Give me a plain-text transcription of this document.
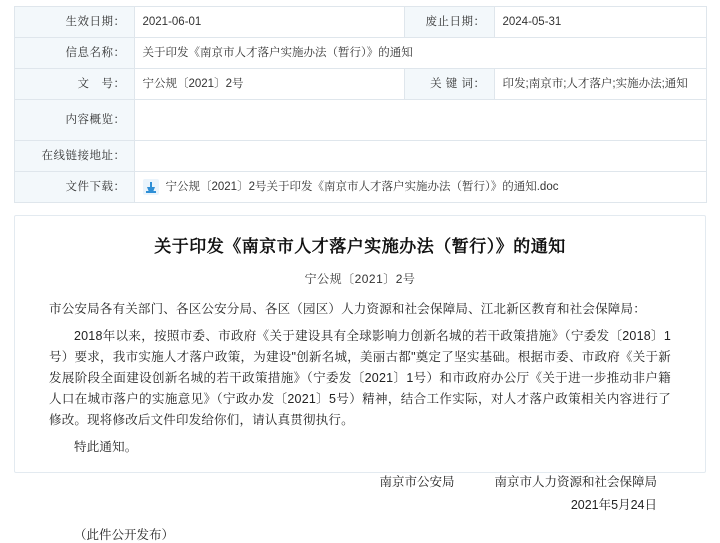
生效日期：	2021-06-01	废止日期：	2024-05-31
信息名称：	关于印发《南京市人才落户实施办法（暂行）》的通知		
文　号：	宁公规〔2021〕2号	关 键 词：	印发;南京市;人才落户;实施办法;通知
内容概览：			
在线链接地址：			
文件下载：	宁公规〔2021〕2号关于印发《南京市人才落户实施办法（暂行）》的通知.doc		
关于印发《南京市人才落户实施办法（暂行）》的通知
宁公规〔2021〕2号
市公安局各有关部门、各区公安分局、各区（园区）人力资源和社会保障局、江北新区教育和社会保障局：
2018年以来，按照市委、市政府《关于建设具有全球影响力创新名城的若干政策措施》（宁委发〔2018〕1号）要求，我市实施人才落户政策，为建设"创新名城，美丽古都"奠定了坚实基础。根据市委、市政府《关于新发展阶段全面建设创新名城的若干政策措施》（宁委发〔2021〕1号）和市政府办公厅《关于进一步推动非户籍人口在城市落户的实施意见》（宁政办发〔2021〕5号）精神，结合工作实际，对人才落户政策相关内容进行了修改。现将修改后文件印发给你们，请认真贯彻执行。
特此通知。
南京市公安局	南京市人力资源和社会保障局
2021年5月24日
（此件公开发布）
